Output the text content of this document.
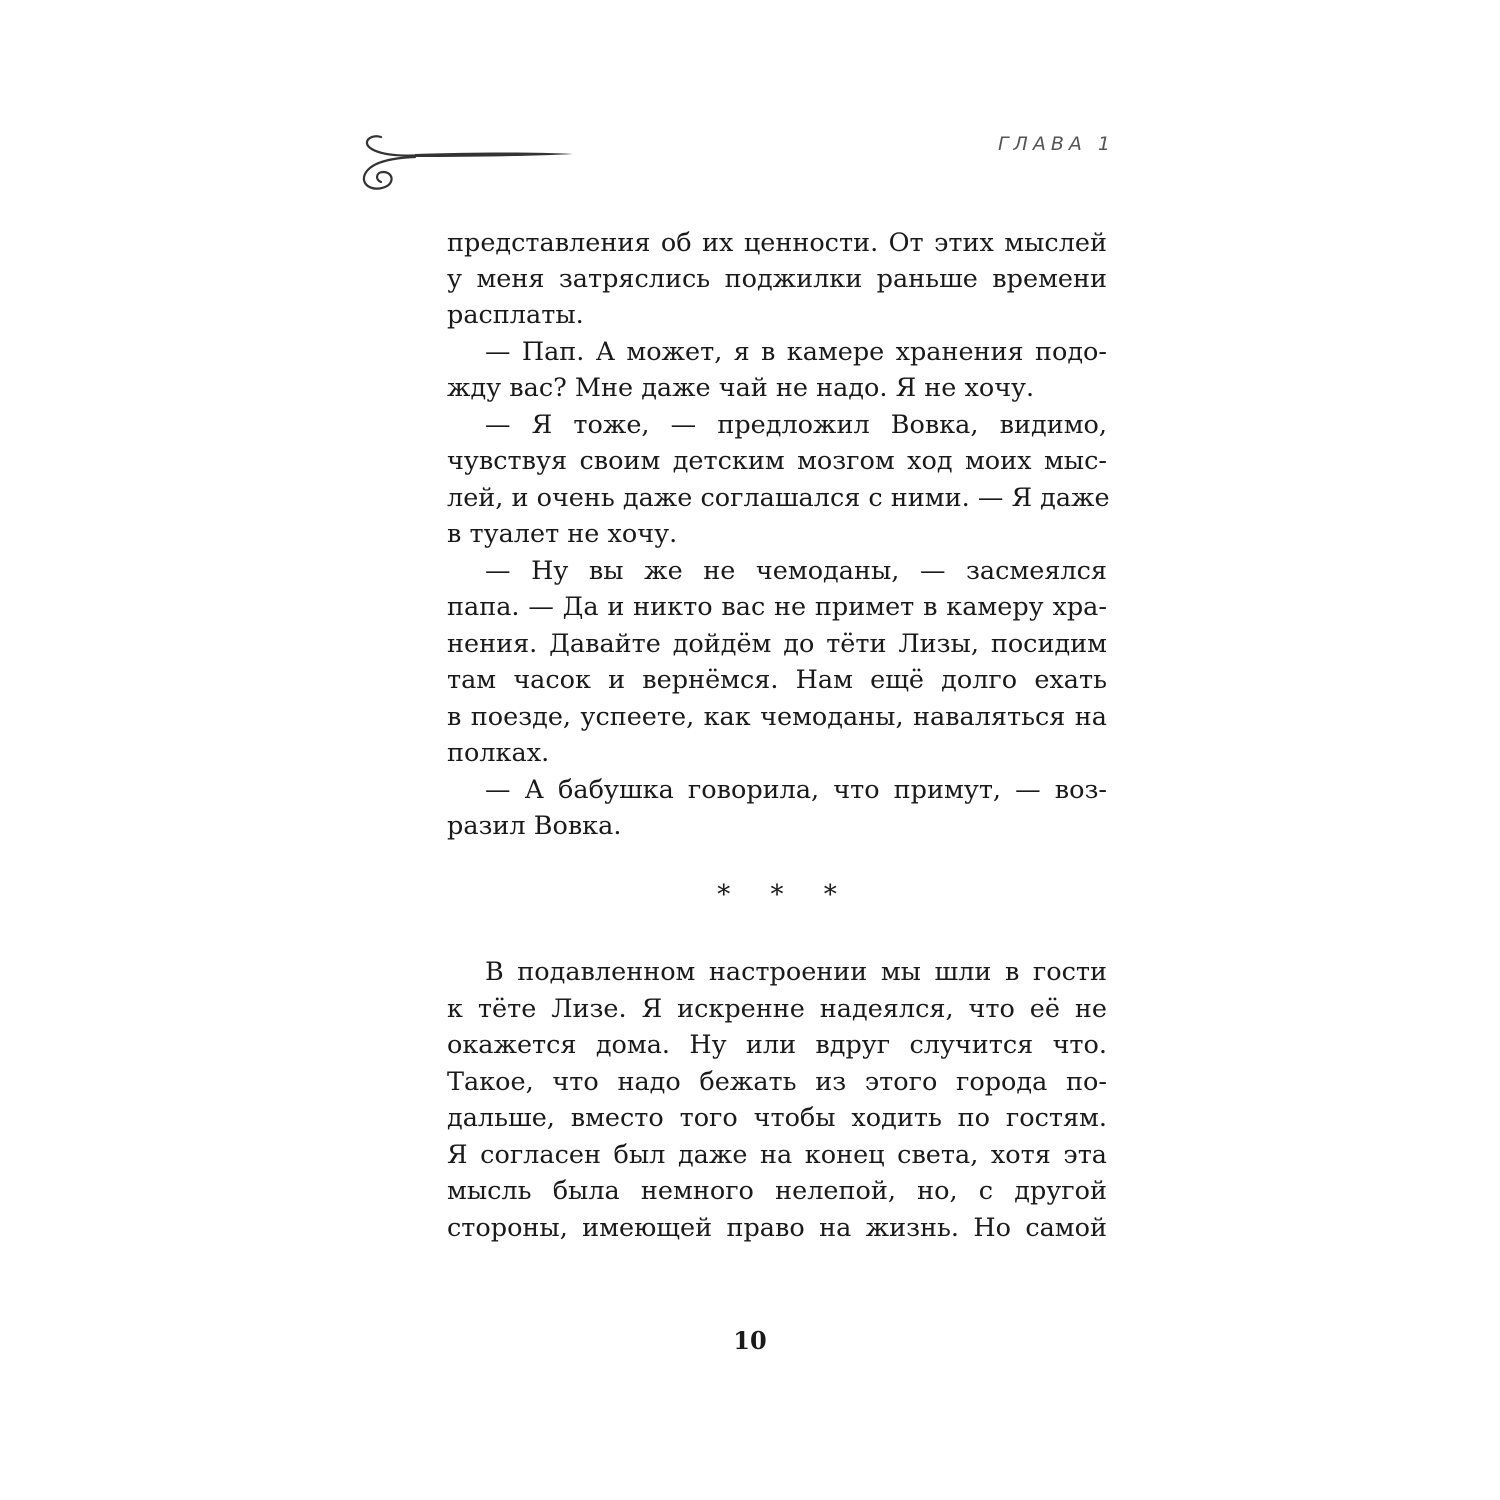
ГЛАВА 1
представления об их ценности. От этих мыслей
у меня затряслись поджилки раньше времени
расплаты.
— Пап. А может, я в камере хранения подо-
жду вас? Мне даже чай не надо. Я не хочу.
— Я тоже, — предложил Вовка, видимо,
чувствуя своим детским мозгом ход моих мыс-
лей, и очень даже соглашался с ними. — Я даже
в туалет не хочу.
— Ну вы же не чемоданы, — засмеялся
папа. — Да и никто вас не примет в камеру хра-
нения. Давайте дойдём до тёти Лизы, посидим
там часок и вернёмся. Нам ещё долго ехать
в поезде, успеете, как чемоданы, наваляться на
полках.
— А бабушка говорила, что примут, — воз-
разил Вовка.
В подавленном настроении мы шли в гости
к тёте Лизе. Я искренне надеялся, что её не
окажется дома. Ну или вдруг случится что.
Такое, что надо бежать из этого города по-
дальше, вместо того чтобы ходить по гостям.
Я согласен был даже на конец света, хотя эта
мысль была немного нелепой, но, с другой
стороны, имеющей право на жизнь. Но самой
* * *
10
